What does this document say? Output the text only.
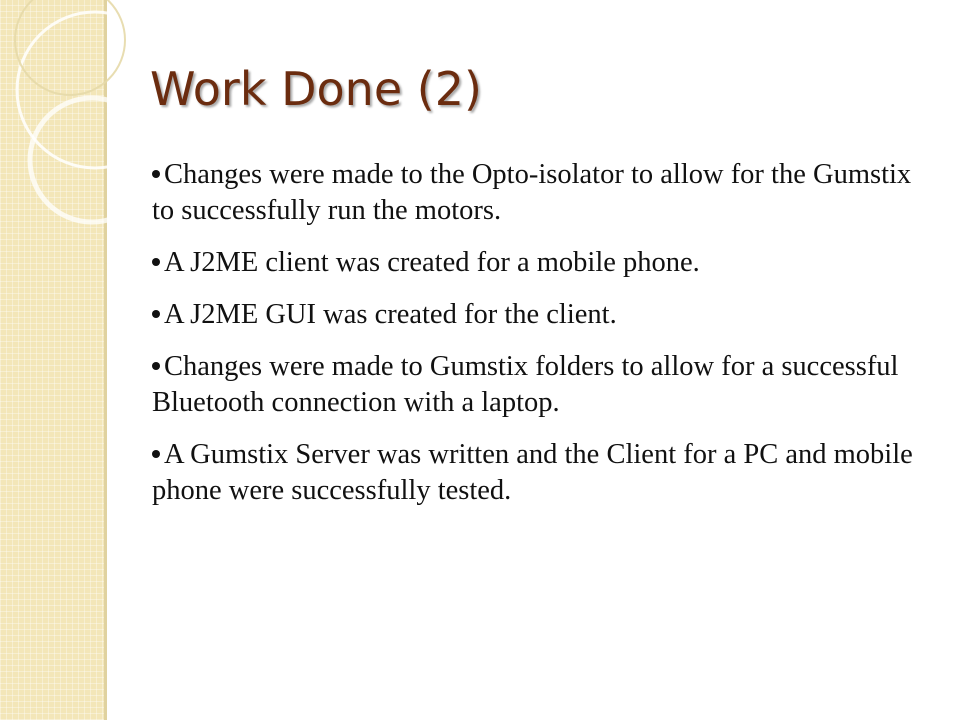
Work Done (2)
Changes were made to the Opto-isolator to allow for the Gumstix to successfully run the motors.
A J2ME client was created for a mobile phone.
A J2ME GUI was created for the client.
Changes were made to Gumstix folders to allow for a successful Bluetooth connection with a laptop.
A Gumstix Server was written and the Client for a PC and mobile phone were successfully tested.
